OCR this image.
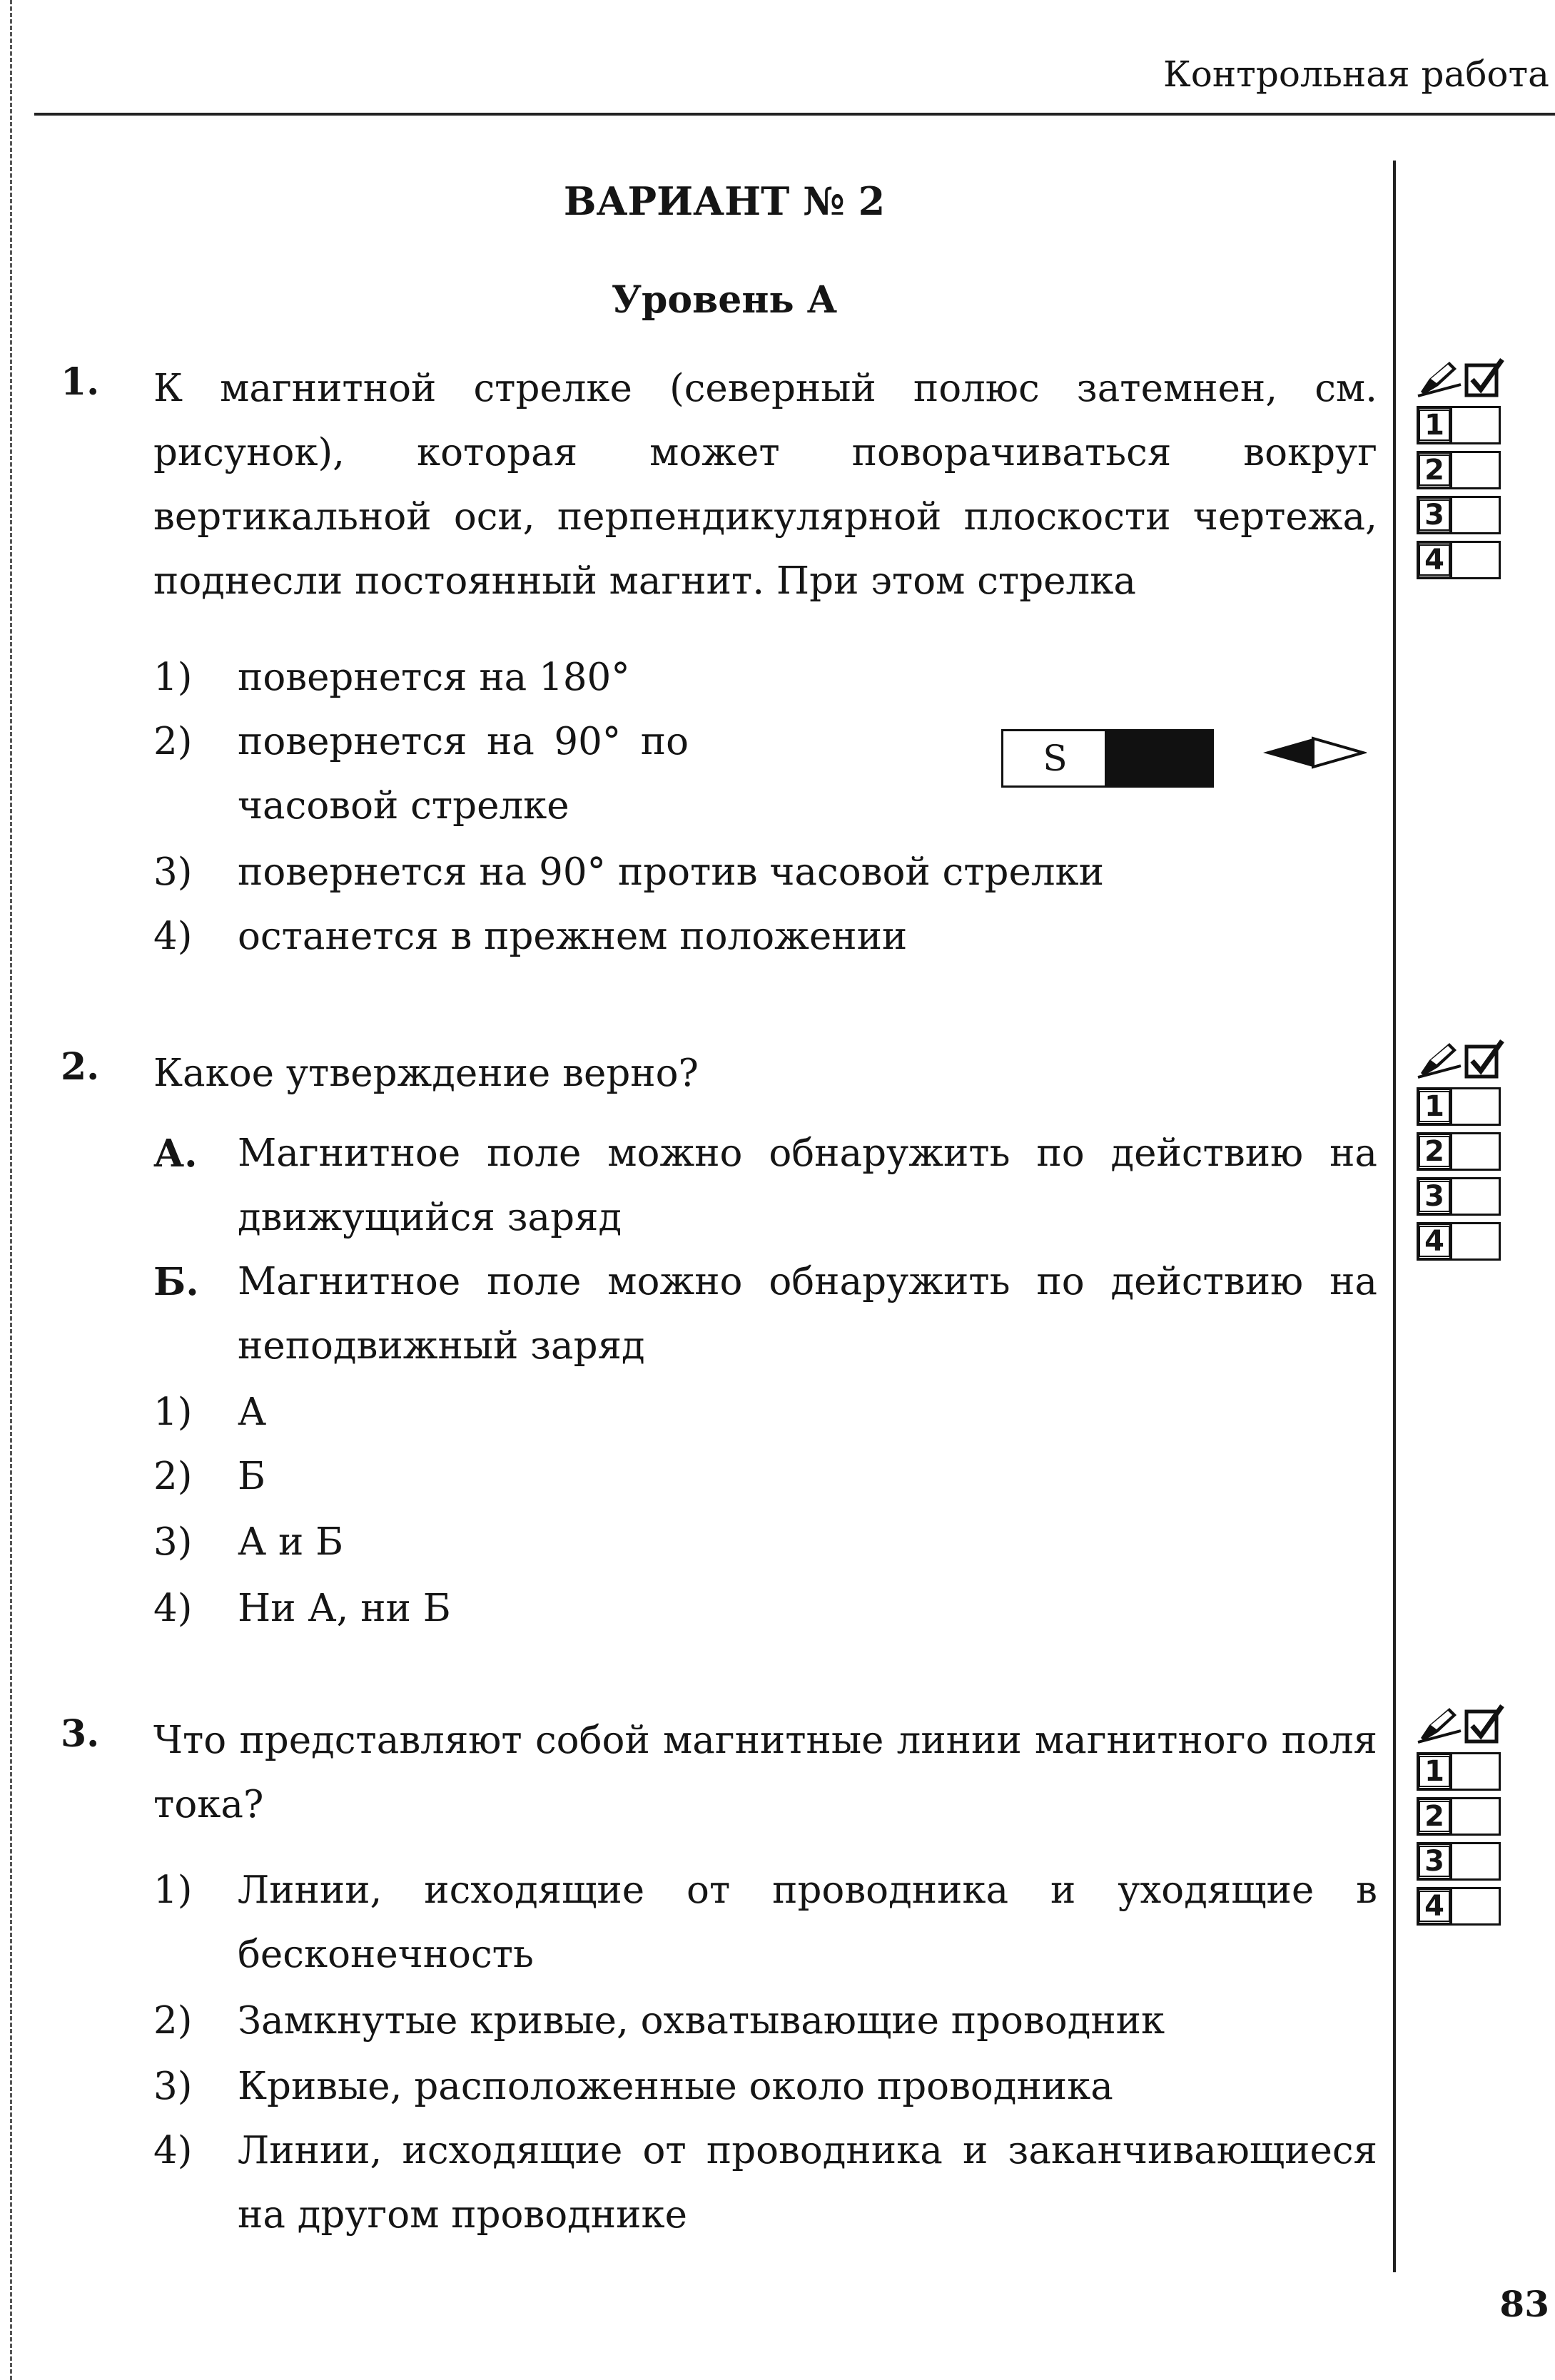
Контрольная работа
ВАРИАНТ № 2
Уровень А
1. К магнитной стрелке (северный полюс затемнен, см. рисунок), которая может поворачиваться вокруг вертикальной оси, перпендикулярной плоскости чертежа, поднесли постоянный магнит. При этом стрелка
1) повернется на 180°
2) повернется на 90° по часовой стрелке
3) повернется на 90° против часовой стрелки
4) останется в прежнем положении
S
2. Какое утверждение верно?
А. Магнитное поле можно обнаружить по действию на движущийся заряд
Б. Магнитное поле можно обнаружить по действию на неподвижный заряд
1) А
2) Б
3) А и Б
4) Ни А, ни Б
3. Что представляют собой магнитные линии магнитного поля тока?
1) Линии, исходящие от проводника и уходящие в бесконечность
2) Замкнутые кривые, охватывающие проводник
3) Кривые, расположенные около проводника
4) Линии, исходящие от проводника и заканчивающиеся на другом проводнике
1
2
3
4
1
2
3
4
1
2
3
4
83
